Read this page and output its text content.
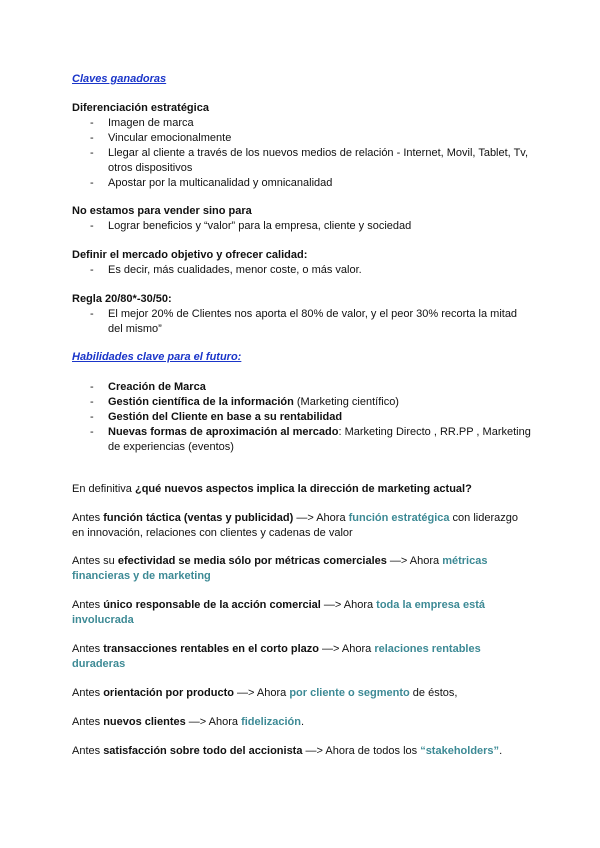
Claves ganadoras

Diferenciación estratégica

- Imagen de marca
- Vincular emocionalmente
- Llegar al cliente a través de los nuevos medios de relación - Internet, Movil, Tablet, Tv, otros dispositivos
- Apostar por la multicanalidad y omnicanalidad

No estamos para vender sino para

- Lograr beneficios y “valor” para la empresa, cliente y sociedad

Definir el mercado objetivo y ofrecer calidad:

- Es decir, más cualidades, menor coste, o más valor.

Regla 20/80*-30/50:

- El mejor 20% de Clientes nos aporta el 80% de valor, y el peor 30% recorta la mitad del mismo”
Habilidades clave para el futuro:
- Creación de Marca
- Gestión científica de la información (Marketing científico)
- Gestión del Cliente en base a su rentabilidad
- Nuevas formas de aproximación al mercado: Marketing Directo , RR.PP , Marketing de experiencias (eventos)

En definitiva ¿qué nuevos aspectos implica la dirección de marketing actual?

Antes función táctica (ventas y publicidad) —> Ahora función estratégica con liderazgo en innovación, relaciones con clientes y cadenas de valor

Antes su efectividad se media sólo por métricas comerciales —> Ahora métricas financieras y de marketing

Antes único responsable de la acción comercial —> Ahora toda la empresa está involucrada

Antes transacciones rentables en el corto plazo —> Ahora relaciones rentables duraderas

Antes orientación por producto —> Ahora por cliente o segmento de éstos,

Antes nuevos clientes —> Ahora fidelización.

Antes satisfacción sobre todo del accionista —> Ahora de todos los “stakeholders”.
